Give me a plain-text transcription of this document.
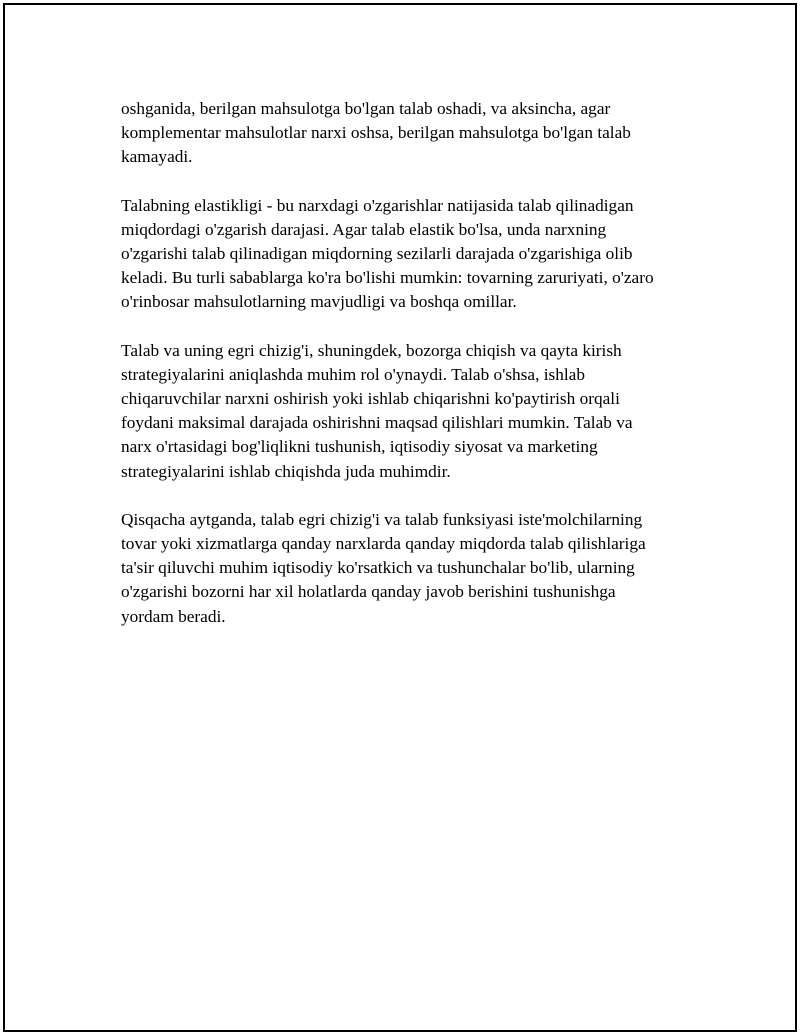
oshganida, berilgan mahsulotga bo'lgan talab oshadi, va aksincha, agar
komplementar mahsulotlar narxi oshsa, berilgan mahsulotga bo'lgan talab
kamayadi.

Talabning elastikligi - bu narxdagi o'zgarishlar natijasida talab qilinadigan
miqdordagi o'zgarish darajasi. Agar talab elastik bo'lsa, unda narxning
o'zgarishi talab qilinadigan miqdorning sezilarli darajada o'zgarishiga olib
keladi. Bu turli sabablarga ko'ra bo'lishi mumkin: tovarning zaruriyati, o'zaro
o'rinbosar mahsulotlarning mavjudligi va boshqa omillar.

Talab va uning egri chizig'i, shuningdek, bozorga chiqish va qayta kirish
strategiyalarini aniqlashda muhim rol o'ynaydi. Talab o'shsa, ishlab
chiqaruvchilar narxni oshirish yoki ishlab chiqarishni ko'paytirish orqali
foydani maksimal darajada oshirishni maqsad qilishlari mumkin. Talab va
narx o'rtasidagi bog'liqlikni tushunish, iqtisodiy siyosat va marketing
strategiyalarini ishlab chiqishda juda muhimdir.

Qisqacha aytganda, talab egri chizig'i va talab funksiyasi iste'molchilarning
tovar yoki xizmatlarga qanday narxlarda qanday miqdorda talab qilishlariga
ta'sir qiluvchi muhim iqtisodiy ko'rsatkich va tushunchalar bo'lib, ularning
o'zgarishi bozorni har xil holatlarda qanday javob berishini tushunishga
yordam beradi.
